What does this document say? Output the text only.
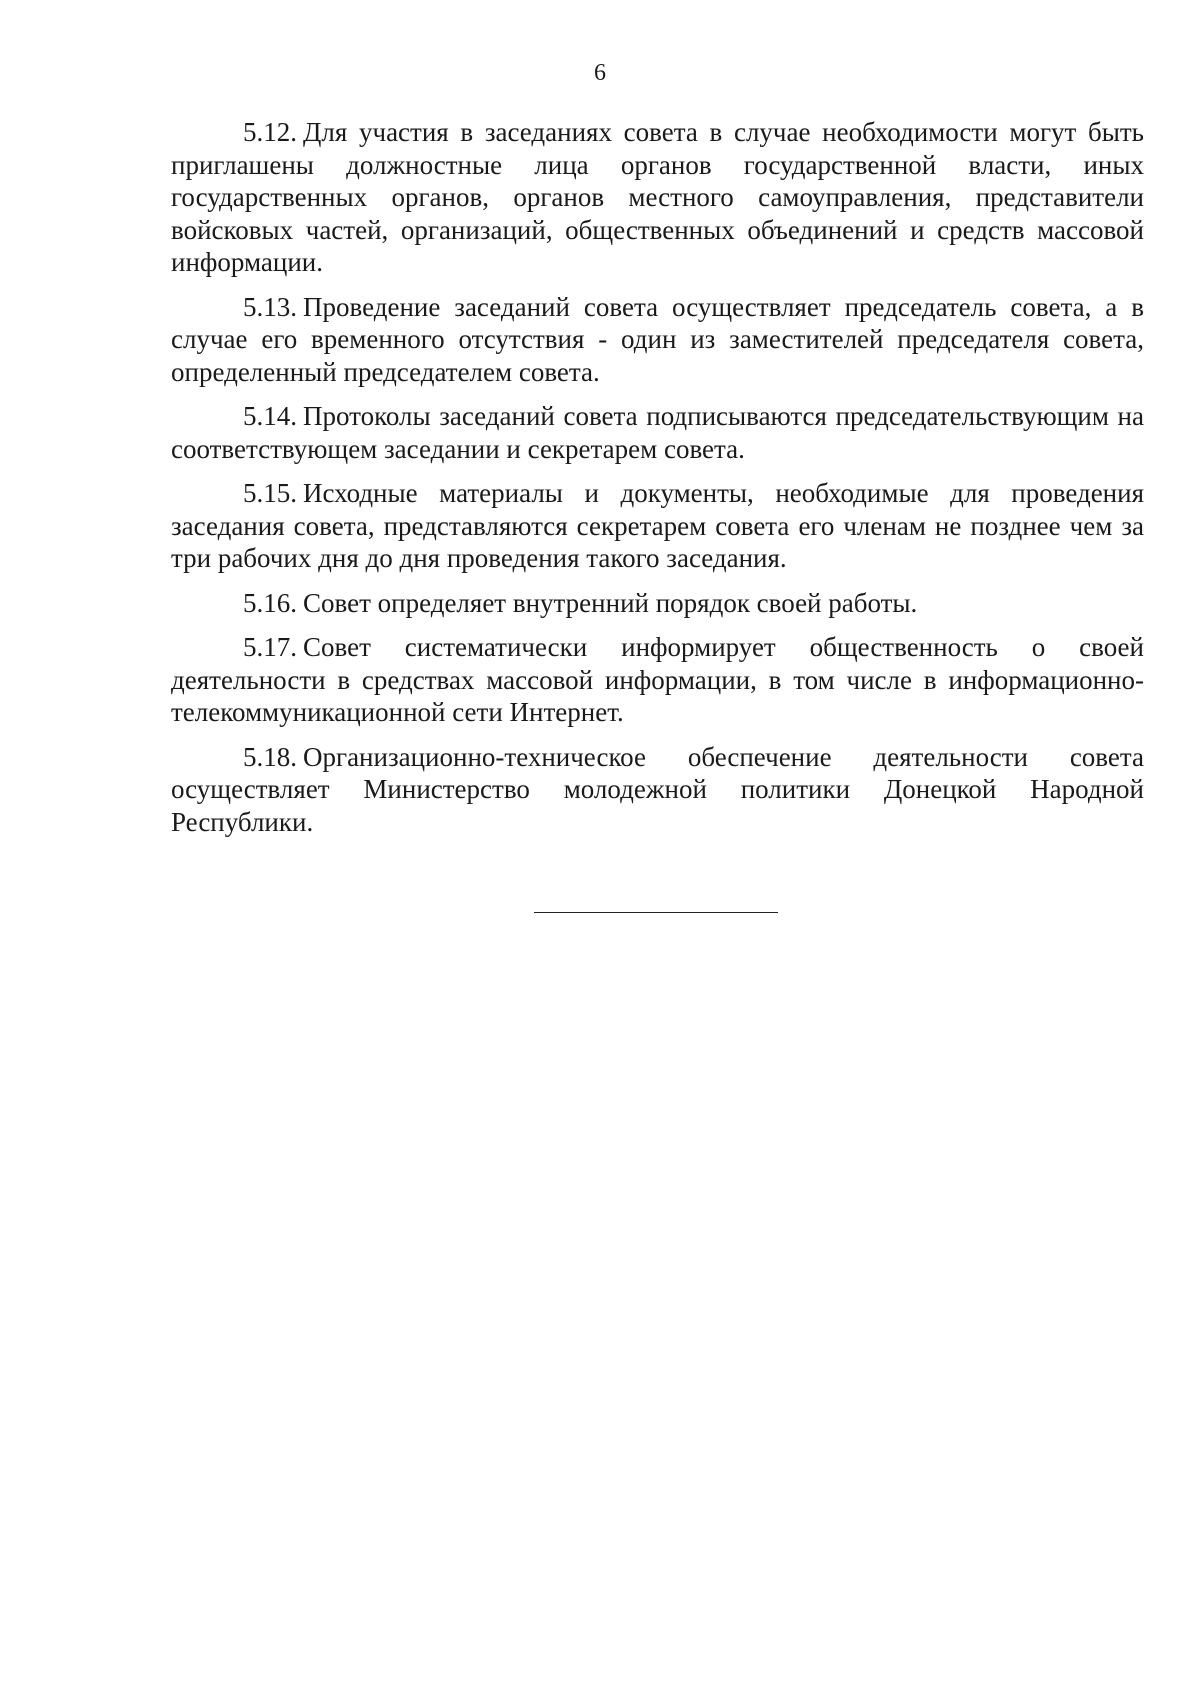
6

5.12. Для участия в заседаниях совета в случае необходимости могут быть приглашены должностные лица органов государственной власти, иных государственных органов, органов местного самоуправления, представители войсковых частей, организаций, общественных объединений и средств массовой информации.

5.13. Проведение заседаний совета осуществляет председатель совета, а в случае его временного отсутствия - один из заместителей председателя совета, определенный председателем совета.

5.14. Протоколы заседаний совета подписываются председательствующим на соответствующем заседании и секретарем совета.

5.15. Исходные материалы и документы, необходимые для проведения заседания совета, представляются секретарем совета его членам не позднее чем за три рабочих дня до дня проведения такого заседания.

5.16. Совет определяет внутренний порядок своей работы.

5.17. Совет систематически информирует общественность о своей деятельности в средствах массовой информации, в том числе в информационно-телекоммуникационной сети Интернет.

5.18. Организационно-техническое обеспечение деятельности совета осуществляет Министерство молодежной политики Донецкой Народной Республики.
